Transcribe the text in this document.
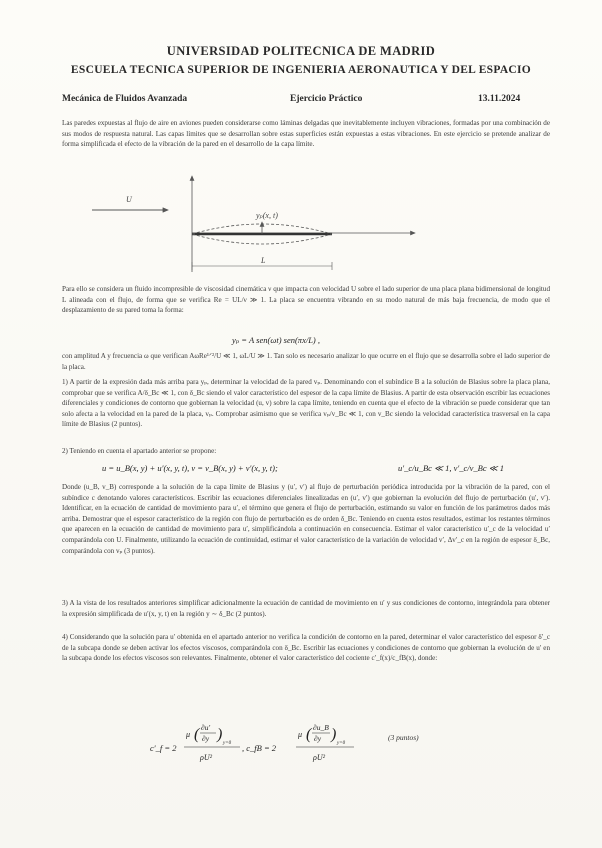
UNIVERSIDAD POLITECNICA DE MADRID
ESCUELA TECNICA SUPERIOR DE INGENIERIA AERONAUTICA Y DEL ESPACIO
Mecánica de Fluidos Avanzada	Ejercicio Práctico	13.11.2024
Las paredes expuestas al flujo de aire en aviones pueden considerarse como láminas delgadas que inevitablemente incluyen vibraciones, formadas por una combinación de sus modos de respuesta natural. Las capas límites que se desarrollan sobre estas superficies están expuestas a estas vibraciones. En este ejercicio se pretende analizar de forma simplificada el efecto de la vibración de la pared en el desarrollo de la capa límite.
U
yₚ(x, t)
L
Para ello se considera un fluido incompresible de viscosidad cinemática ν que impacta con velocidad U sobre el lado superior de una placa plana bidimensional de longitud L alineada con el flujo, de forma que se verifica Re = UL/ν ≫ 1. La placa se encuentra vibrando en su modo natural de más baja frecuencia, de modo que el desplazamiento de su pared toma la forma:
yₚ = A sen(ωt) sen(πx/L) ,
con amplitud A y frecuencia ω que verifican AωRe¹ᐟ²/U ≪ 1, ωL/U ≫ 1. Tan solo es necesario analizar lo que ocurre en el flujo que se desarrolla sobre el lado superior de la placa.
1) A partir de la expresión dada más arriba para yₚ, determinar la velocidad de la pared vₚ. Denominando con el subíndice B a la solución de Blasius sobre la placa plana, comprobar que se verifica A/δ_Bc ≪ 1, con δ_Bc siendo el valor característico del espesor de la capa límite de Blasius. A partir de esta observación escribir las ecuaciones diferenciales y condiciones de contorno que gobiernan la velocidad (u, v) sobre la capa límite, teniendo en cuenta que el efecto de la vibración se puede considerar que tan solo afecta a la velocidad en la pared de la placa, vₚ. Comprobar asimismo que se verifica vₚ/v_Bc ≪ 1, con v_Bc siendo la velocidad característica trasversal en la capa límite de Blasius (2 puntos).
2) Teniendo en cuenta el apartado anterior se propone:
u = u_B(x, y) + u′(x, y, t), v = v_B(x, y) + v′(x, y, t);	u′_c/u_Bc ≪ 1, v′_c/v_Bc ≪ 1
Donde (u_B, v_B) corresponde a la solución de la capa límite de Blasius y (u′, v′) al flujo de perturbación periódica introducida por la vibración de la pared, con el subíndice c denotando valores característicos. Escribir las ecuaciones diferenciales linealizadas en (u′, v′) que gobiernan la evolución del flujo de perturbación (u′, v′). Identificar, en la ecuación de cantidad de movimiento para u′, el término que genera el flujo de perturbación, estimando su valor en función de los parámetros dados más arriba. Demostrar que el espesor característico de la región con flujo de perturbación es de orden δ_Bc. Teniendo en cuenta estos resultados, estimar los restantes términos que aparecen en la ecuación de cantidad de movimiento para u′, simplificándola a continuación en consecuencia. Estimar el valor característico u′_c de la velocidad u′ comparándola con U. Finalmente, utilizando la ecuación de continuidad, estimar el valor característico de la variación de velocidad v′, Δv′_c en la región de espesor δ_Bc, comparándola con vₚ (3 puntos).
3) A la vista de los resultados anteriores simplificar adicionalmente la ecuación de cantidad de movimiento en u′ y sus condiciones de contorno, integrándola para obtener la expresión simplificada de u′(x, y, t) en la región y ∼ δ_Bc (2 puntos).
4) Considerando que la solución para u′ obtenida en el apartado anterior no verifica la condición de contorno en la pared, determinar el valor característico del espesor δ′_c de la subcapa donde se deben activar los efectos viscosos, comparándola con δ_Bc. Escribir las ecuaciones y condiciones de contorno que gobiernan la evolución de u′ en la subcapa donde los efectos viscosos son relevantes. Finalmente, obtener el valor característico del cociente c′_f(x)/c_fB(x), donde:
c′_f = 2
μ ( ∂u′
∂y )
y=0
ρU²
, c_fB = 2
μ ( ∂u_B
∂y )
y=0
ρU²
(3 puntos)
